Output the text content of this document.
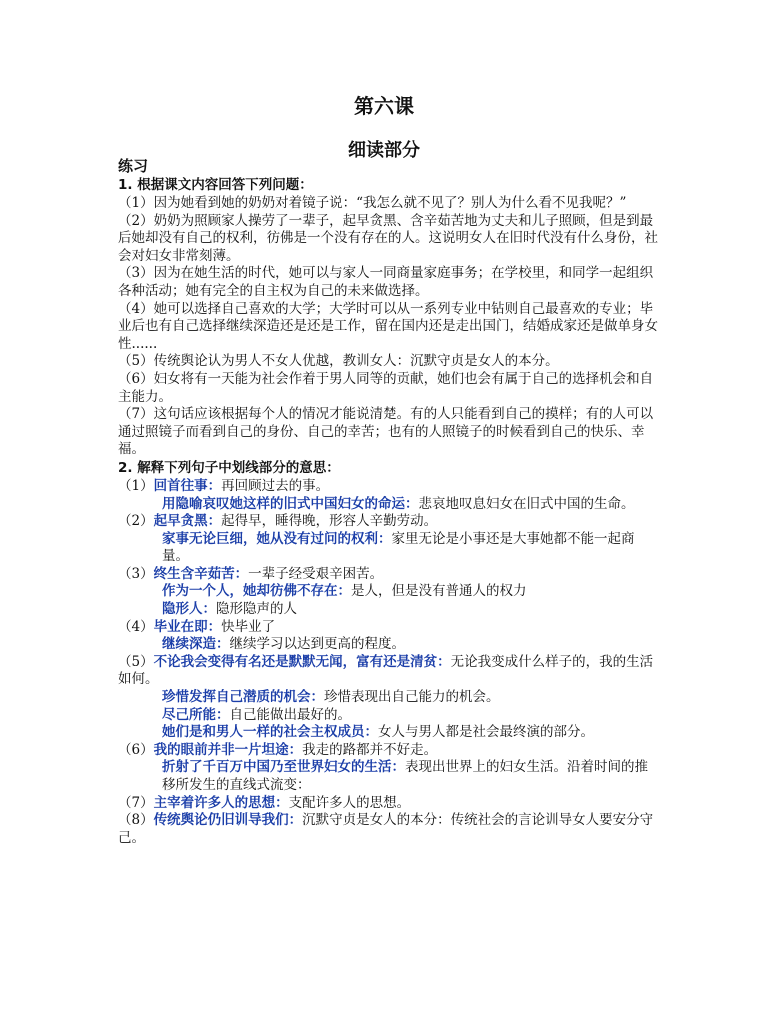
第六课
细读部分
练习
1. 根据课文内容回答下列问题：

（1）因为她看到她的奶奶对着镜子说：“我怎么就不见了？别人为什么看不见我呢？”

（2）奶奶为照顾家人操劳了一辈子，起早贪黑、含辛茹苦地为丈夫和儿子照顾，但是到最后她却没有自己的权利，彷佛是一个没有存在的人。这说明女人在旧时代没有什么身份，社会对妇女非常刻薄。

（3）因为在她生活的时代，她可以与家人一同商量家庭事务；在学校里，和同学一起组织各种活动；她有完全的自主权为自己的未来做选择。

（4）她可以选择自己喜欢的大学；大学时可以从一系列专业中钻则自己最喜欢的专业；毕业后也有自己选择继续深造还是还是工作，留在国内还是走出国门，结婚成家还是做单身女性......

（5）传统舆论认为男人不女人优越，教训女人：沉默守贞是女人的本分。

（6）妇女将有一天能为社会作着于男人同等的贡献，她们也会有属于自己的选择机会和自主能力。

（7）这句话应该根据每个人的情况才能说清楚。有的人只能看到自己的摸样；有的人可以通过照镜子而看到自己的身份、自己的幸苦；也有的人照镜子的时候看到自己的快乐、幸福。

2. 解释下列句子中划线部分的意思：

（1）回首往事：再回顾过去的事。

用隐喻哀叹她这样的旧式中国妇女的命运：悲哀地叹息妇女在旧式中国的生命。

（2）起早贪黑：起得早，睡得晚，形容人辛勤劳动。

家事无论巨细，她从没有过问的权利：家里无论是小事还是大事她都不能一起商量。

（3）终生含辛茹苦：一辈子经受艰辛困苦。

作为一个人，她却彷佛不存在：是人，但是没有普通人的权力

隐形人：隐形隐声的人

（4）毕业在即：快毕业了

继续深造：继续学习以达到更高的程度。

（5）不论我会变得有名还是默默无闻，富有还是清贫：无论我变成什么样子的，我的生活如何。

珍惜发挥自己潜质的机会：珍惜表现出自己能力的机会。

尽己所能：自己能做出最好的。

她们是和男人一样的社会主权成员：女人与男人都是社会最终演的部分。

（6）我的眼前并非一片坦途：我走的路都并不好走。

折射了千百万中国乃至世界妇女的生活：表现出世界上的妇女生活。沿着时间的推移所发生的直线式流变：

（7）主宰着许多人的思想：支配许多人的思想。

（8）传统舆论仍旧训导我们：沉默守贞是女人的本分：传统社会的言论训导女人要安分守己。
